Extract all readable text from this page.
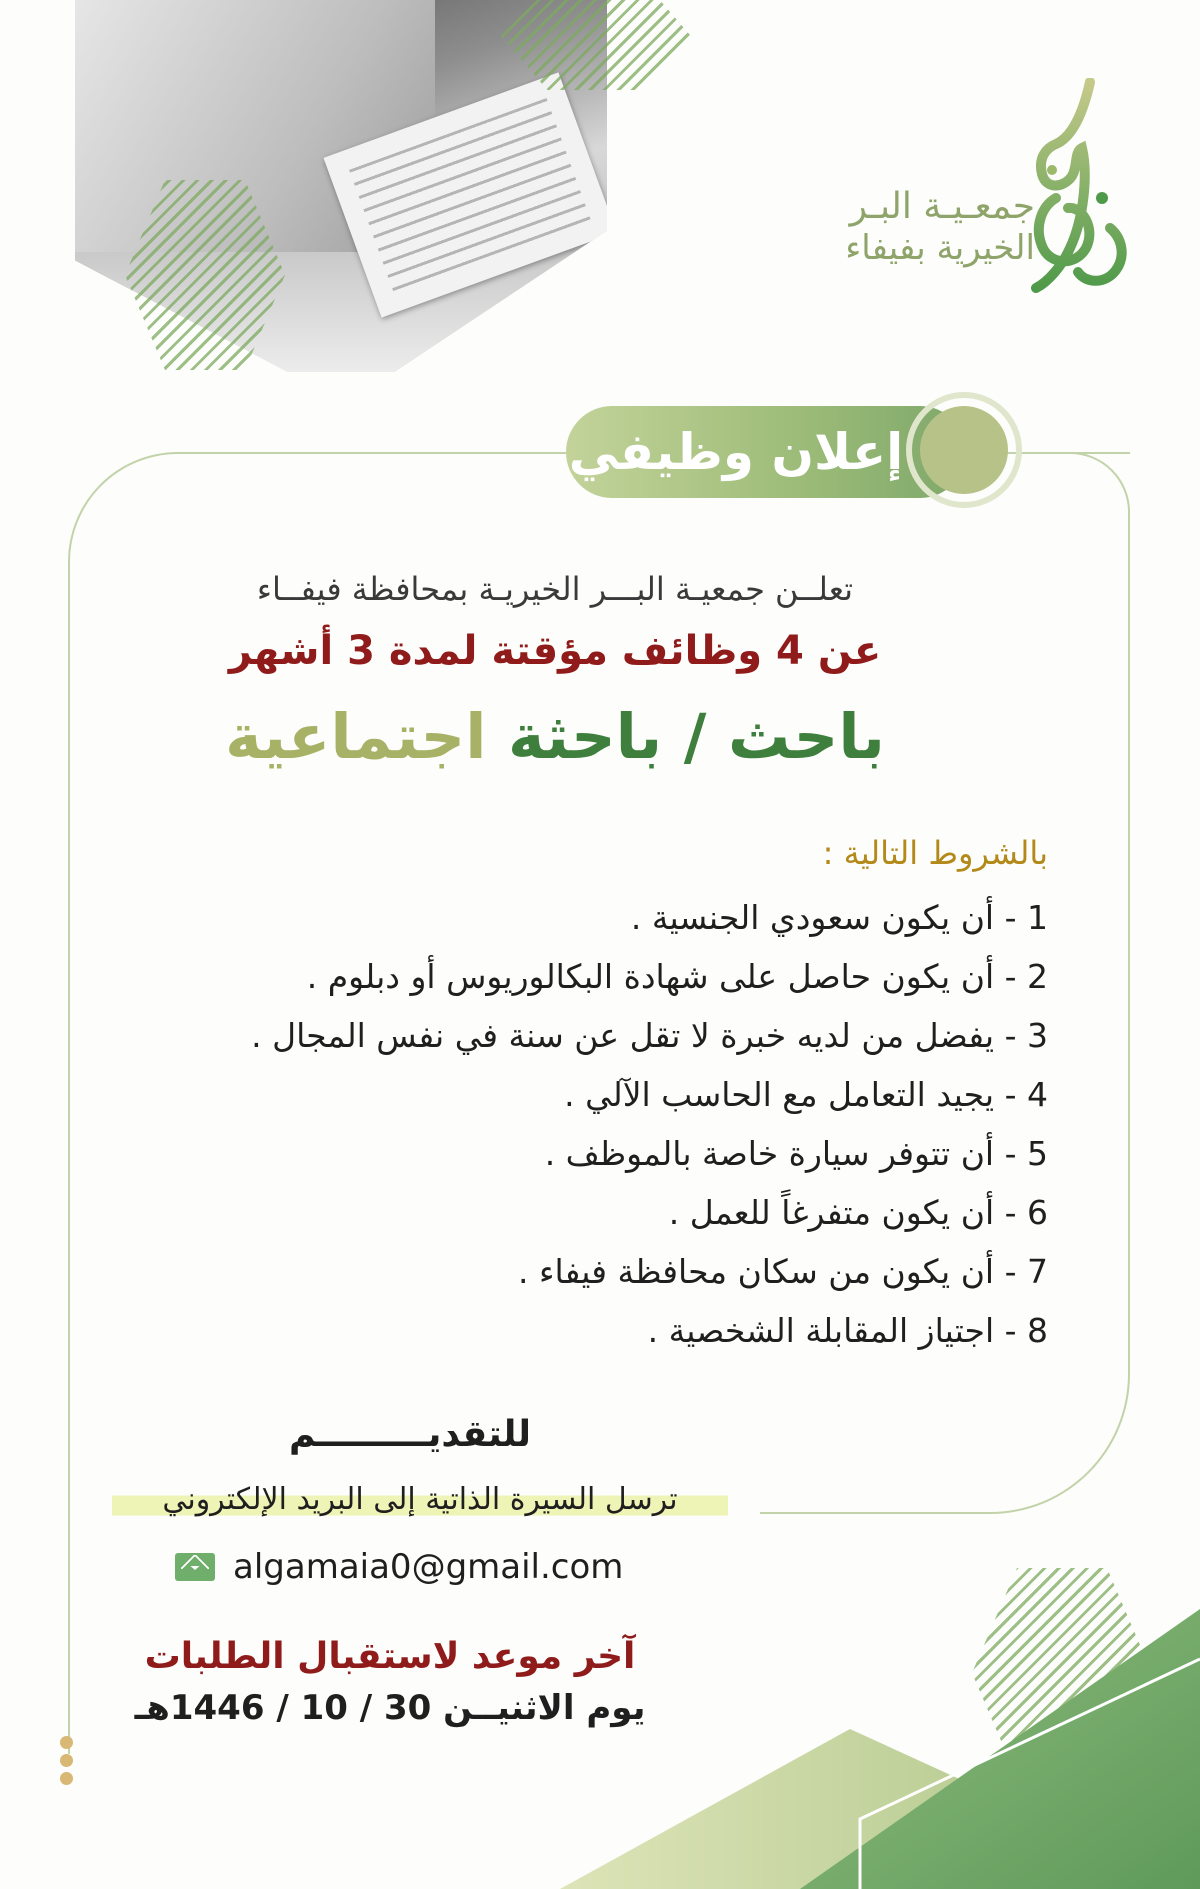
جمعـيـة البـر
الخيرية بفيفاء
إعلان وظيفي
تعلــن جمعيـة البـــر الخيريـة بمحافظة فيفــاء
عن 4 وظائف مؤقتة لمدة 3 أشهر
باحث / باحثة اجتماعية
بالشروط التالية :
1 - أن يكون سعودي الجنسية .
2 - أن يكون حاصل على شهادة البكالوريوس أو دبلوم .
3 - يفضل من لديه خبرة لا تقل عن سنة في نفس المجال .
4 - يجيد التعامل مع الحاسب الآلي .
5 - أن تتوفر سيارة خاصة بالموظف .
6 - أن يكون متفرغاً للعمل .
7 - أن يكون من سكان محافظة فيفاء .
8 - اجتياز المقابلة الشخصية .
للتقديـــــــــم
ترسل السيرة الذاتية إلى البريد الإلكتروني
algamaia0@gmail.com
آخر موعد لاستقبال الطلبات
يوم الاثنيــن 30 / 10 / 1446هـ
